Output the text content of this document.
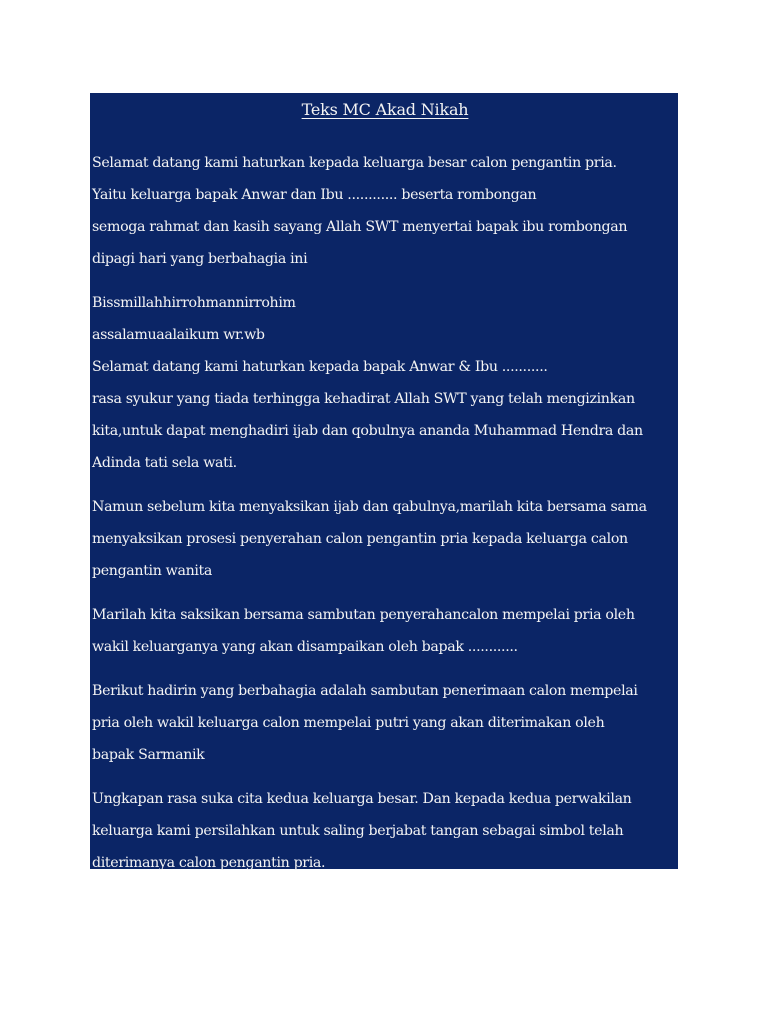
Teks MC Akad Nikah

Selamat datang kami haturkan kepada keluarga besar calon pengantin pria.
Yaitu keluarga bapak Anwar dan Ibu ............ beserta rombongan
semoga rahmat dan kasih sayang Allah SWT menyertai bapak ibu rombongan
dipagi hari yang berbahagia ini

Bissmillahhirrohmannirrohim
assalamuaalaikum wr.wb
Selamat datang kami haturkan kepada bapak Anwar & Ibu ...........
rasa syukur yang tiada terhingga kehadirat Allah SWT yang telah mengizinkan
kita,untuk dapat menghadiri ijab dan qobulnya ananda Muhammad Hendra dan
Adinda tati sela wati.

Namun sebelum kita menyaksikan ijab dan qabulnya,marilah kita bersama sama
menyaksikan prosesi penyerahan calon pengantin pria kepada keluarga calon
pengantin wanita

Marilah kita saksikan bersama sambutan penyerahancalon mempelai pria oleh
wakil keluarganya yang akan disampaikan oleh bapak ............

Berikut hadirin yang berbahagia adalah sambutan penerimaan calon mempelai
pria oleh wakil keluarga calon mempelai putri yang akan diterimakan oleh
bapak Sarmanik

Ungkapan rasa suka cita kedua keluarga besar. Dan kepada kedua perwakilan
keluarga kami persilahkan untuk saling berjabat tangan sebagai simbol telah
diterimanya calon pengantin pria.
